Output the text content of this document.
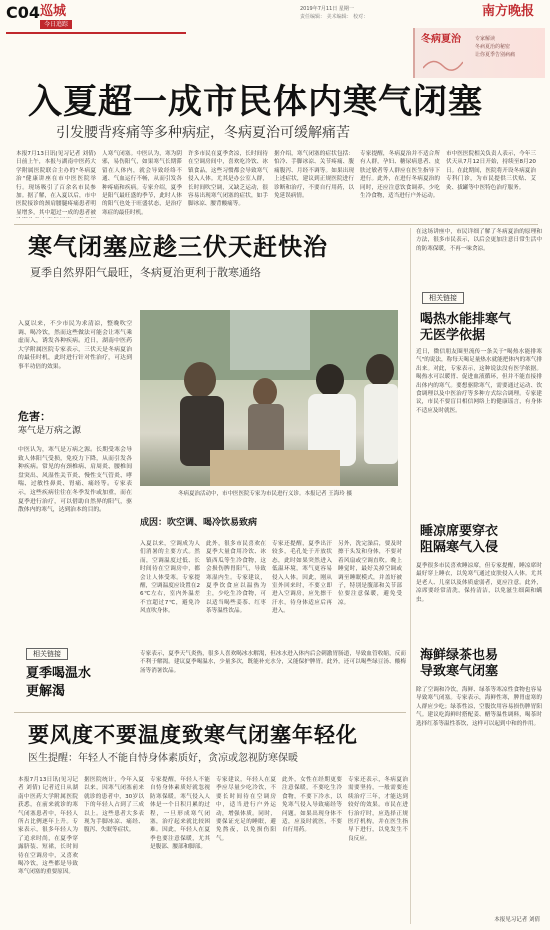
C04 巡城
今日追踪
2019年7月11日 星期一
责任编辑： 美术编辑： 校对：	南方晚报
冬病夏治	专家解读
冬病夏治的秘密
让你夏季告别病痛
入夏超一成市民体内寒气闭塞
引发腰背疼痛等多种病症，冬病夏治可缓解痛苦
本报7月13日讯(见习记者 刘倩) 日前上午，本报与湖南中医药大学附属医院联合主办的"冬病夏治"健康讲座在市中医医院举行。现场吸引了百余名市民参加。据了解，在入夏以后，市中医院接诊的颈肩腰腿疼痛患者明显增多，其中超过一成的患者被
人寒气闭塞。中医认为，寒为阴邪，易伤阳气，如果寒气长期滞留在人体内，就会导致经络不通、气血运行不畅，从而引发各种疼痛和疾病。专家介绍，夏季是阳气最旺盛的季节，此时人体的阳气也处于旺盛状态，是治疗寒症的最佳时机。
许多市民在夏季贪凉，长时间待在空调房间中，喜欢吃冷饮、冰镇食品，这些习惯都会导致寒气侵入人体。尤其是办公室人群，长时间吹空调，又缺乏运动，很容易出现寒气闭塞的症状，如手脚冰凉、腰背酸痛等。
据介绍，寒气闭塞的症状包括：怕冷、手脚冰凉、关节疼痛、腹痛腹泻、月经不调等。如果出现上述症状，建议到正规医院进行诊断和治疗，不要自行用药，以免延误病情。
专家提醒，冬病夏治并不适合所有人群，孕妇、糖尿病患者、皮肤过敏者等人群应在医生指导下进行。此外，在进行冬病夏治的同时，还应注意饮食调养，少吃生冷食物，适当进行户外运动。
市中医医院相关负责人表示，今年三伏天从7月12日开始，持续至8月20日。在此期间，医院将开设冬病夏治专科门诊，为市民提供三伏贴、艾灸、拔罐等中医特色治疗服务。
寒气闭塞应趁三伏天赶快治
夏季自然界阳气最旺，冬病夏治更利于散寒通络
入夏以来，不少市民为求清凉，整晚吹空调、喝冷饮，然而这些做法可能会让寒气乘虚而入，诱发各种疾病。近日，湖南中医药大学附属医院专家表示，三伏天是冬病夏治的最佳时机，此时进行针对性治疗，可达到事半功倍的效果。
危害：
寒气是万病之源
中医认为，寒气是万病之源。长期受寒会导致人体阳气受损，免疫力下降，从而引发各种疾病。常见的有颈椎病、肩周炎、腰椎间盘突出、风湿性关节炎、慢性支气管炎、哮喘、过敏性鼻炎、胃痛、痛经等。专家表示，这些疾病往往在冬季发作或加重，而在夏季进行治疗，可以借助自然界的阳气，驱散体内的寒气，达到治本的目的。
冬病夏治活动中，市中医医院专家为市民进行义诊。本报记者 王海玲 摄
成因：吹空调、喝冷饮易致病
入夏以来，空调成为人们消暑的主要方式。然而，空调温度过低、长时间待在空调房中，都会让人体受寒。专家提醒，空调温度应设置在26℃左右，室内外温差不宜超过7℃，避免冷风直吹身体。
此外，很多市民喜欢在夏季大量食用冷饮、冰镇西瓜等生冷食物，这会损伤脾胃阳气，导致寒湿内生。专家建议，夏季饮食应以温热为主，少吃生冷食物，可以适当喝些姜茶、红枣茶等温性饮品。
专家还提醒，夏季出汗较多，毛孔处于开放状态，此时如果突然进入低温环境，寒气更容易侵入人体。因此，刚从室外回来时，不要立即进入空调房，应先擦干汗水，待身体适应后再进入。
另外，洗完澡后，要及时擦干头发和身体，不要对着风扇或空调直吹。晚上睡觉时，最好关掉空调或调至睡眠模式，并盖好被子，特别是腹部和关节部位要注意保暖，避免受凉。
相关链接
夏季喝温水
更解渴
专家表示，夏季天气炎热，很多人喜欢喝冰水解渴，但冰水进入体内后会刺激胃肠道，导致血管收缩，反而不利于解渴。建议夏季喝温水，少量多次，既能补充水分，又能保护脾胃。此外，还可以喝些绿豆汤、酸梅汤等消暑饮品。
要风度不要温度致寒气闭塞年轻化
医生提醒：年轻人不能自恃身体素质好，贪凉或忽视防寒保暖
本报7月13日讯(见习记者 刘倩) 记者近日从湖南中医药大学附属医院获悉，在前来就诊的寒气闭塞患者中，年轻人所占比例逐年上升。专家表示，很多年轻人为了追求时尚，在夏季穿露脐装、短裙，长时间待在空调房中，又喜欢喝冷饮，这些都是导致寒气闭塞的重要原因。
据医院统计，今年入夏以来，因寒气闭塞前来就诊的患者中，30岁以下的年轻人占到了三成以上。这些患者大多表现为手脚冰凉、痛经、腹泻、失眠等症状。
专家提醒，年轻人不能自恃身体素质好就忽视防寒保暖。寒气侵入人体是一个日积月累的过程，一旦形成寒气闭塞，治疗起来就比较困难。因此，年轻人在夏季也要注意保暖，尤其是腹部、腰部和脚部。
专家建议，年轻人在夏季应尽量少吃冷饮，不要长时间待在空调房中，适当进行户外运动，增强体质。同时，要保证充足的睡眠，避免熬夜，以免损伤阳气。
此外，女性在经期更要注意保暖，不要吃生冷食物，不要下冷水，以免寒气侵入导致痛经等问题。如果出现身体不适，应及时就医，不要自行用药。
专家还表示，冬病夏治需要坚持，一般需要连续治疗三年，才能达到较好的效果。市民在进行治疗时，应选择正规医疗机构，并在医生指导下进行，以免发生不良反应。
在这场讲座中，市民详细了解了冬病夏治的原理和方法，很多市民表示，以后会更加注意日常生活中的防寒保暖，不再一味贪凉。
相关链接
喝热水能排寒气
无医学依据
近日，微信朋友圈里流传一条关于"喝热水能排寒气"的说法，称每天喝足量热水就能把体内的寒气排出来。对此，专家表示，这种说法没有医学依据。喝热水可以暖胃、促进血液循环，但并不能直接排出体内的寒气。要想驱除寒气，需要通过运动、饮食调理以及中医治疗等多种方式综合调理。专家建议，市民不要盲目相信网络上的健康谣言，有身体不适应及时就医。
睡凉席要穿衣
阻隔寒气入侵
夏季很多市民喜欢睡凉席，但专家提醒，睡凉席时最好穿上睡衣，以免寒气通过皮肤侵入人体。尤其是老人、儿童以及体质虚弱者，更应注意。此外，凉席要经常清洗，保持清洁，以免滋生细菌和螨虫。
海鲜绿茶也易
导致寒气闭塞
除了空调和冷饮，海鲜、绿茶等寒凉性食物也容易导致寒气闭塞。专家表示，海鲜性寒，脾胃虚寒的人群应少吃；绿茶性凉，空腹饮用容易损伤脾胃阳气。建议吃海鲜时搭配姜、醋等温性调料，喝茶时选择红茶等温性茶饮，这样可以起到中和的作用。
本报见习记者 刘倩
